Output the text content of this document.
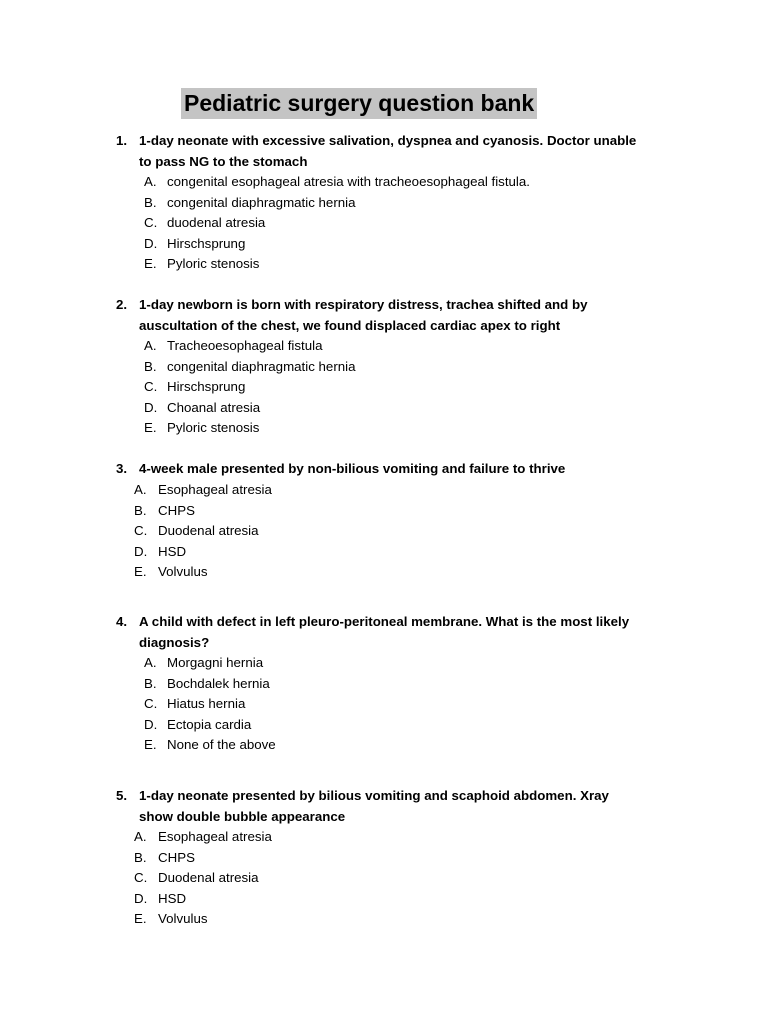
Pediatric surgery question bank
1. 1-day neonate with excessive salivation, dyspnea and cyanosis. Doctor unable
to pass NG to the stomach
A. congenital esophageal atresia with tracheoesophageal fistula.
B. congenital diaphragmatic hernia
C. duodenal atresia
D. Hirschsprung
E. Pyloric stenosis
2. 1-day newborn is born with respiratory distress, trachea shifted and by
auscultation of the chest, we found displaced cardiac apex to right
A. Tracheoesophageal fistula
B. congenital diaphragmatic hernia
C. Hirschsprung
D. Choanal atresia
E. Pyloric stenosis
3. 4-week male presented by non-bilious vomiting and failure to thrive
A. Esophageal atresia
B. CHPS
C. Duodenal atresia
D. HSD
E. Volvulus
4. A child with defect in left pleuro-peritoneal membrane. What is the most likely
diagnosis?
A. Morgagni hernia
B. Bochdalek hernia
C. Hiatus hernia
D. Ectopia cardia
E. None of the above
5. 1-day neonate presented by bilious vomiting and scaphoid abdomen. Xray
show double bubble appearance
A. Esophageal atresia
B. CHPS
C. Duodenal atresia
D. HSD
E. Volvulus
